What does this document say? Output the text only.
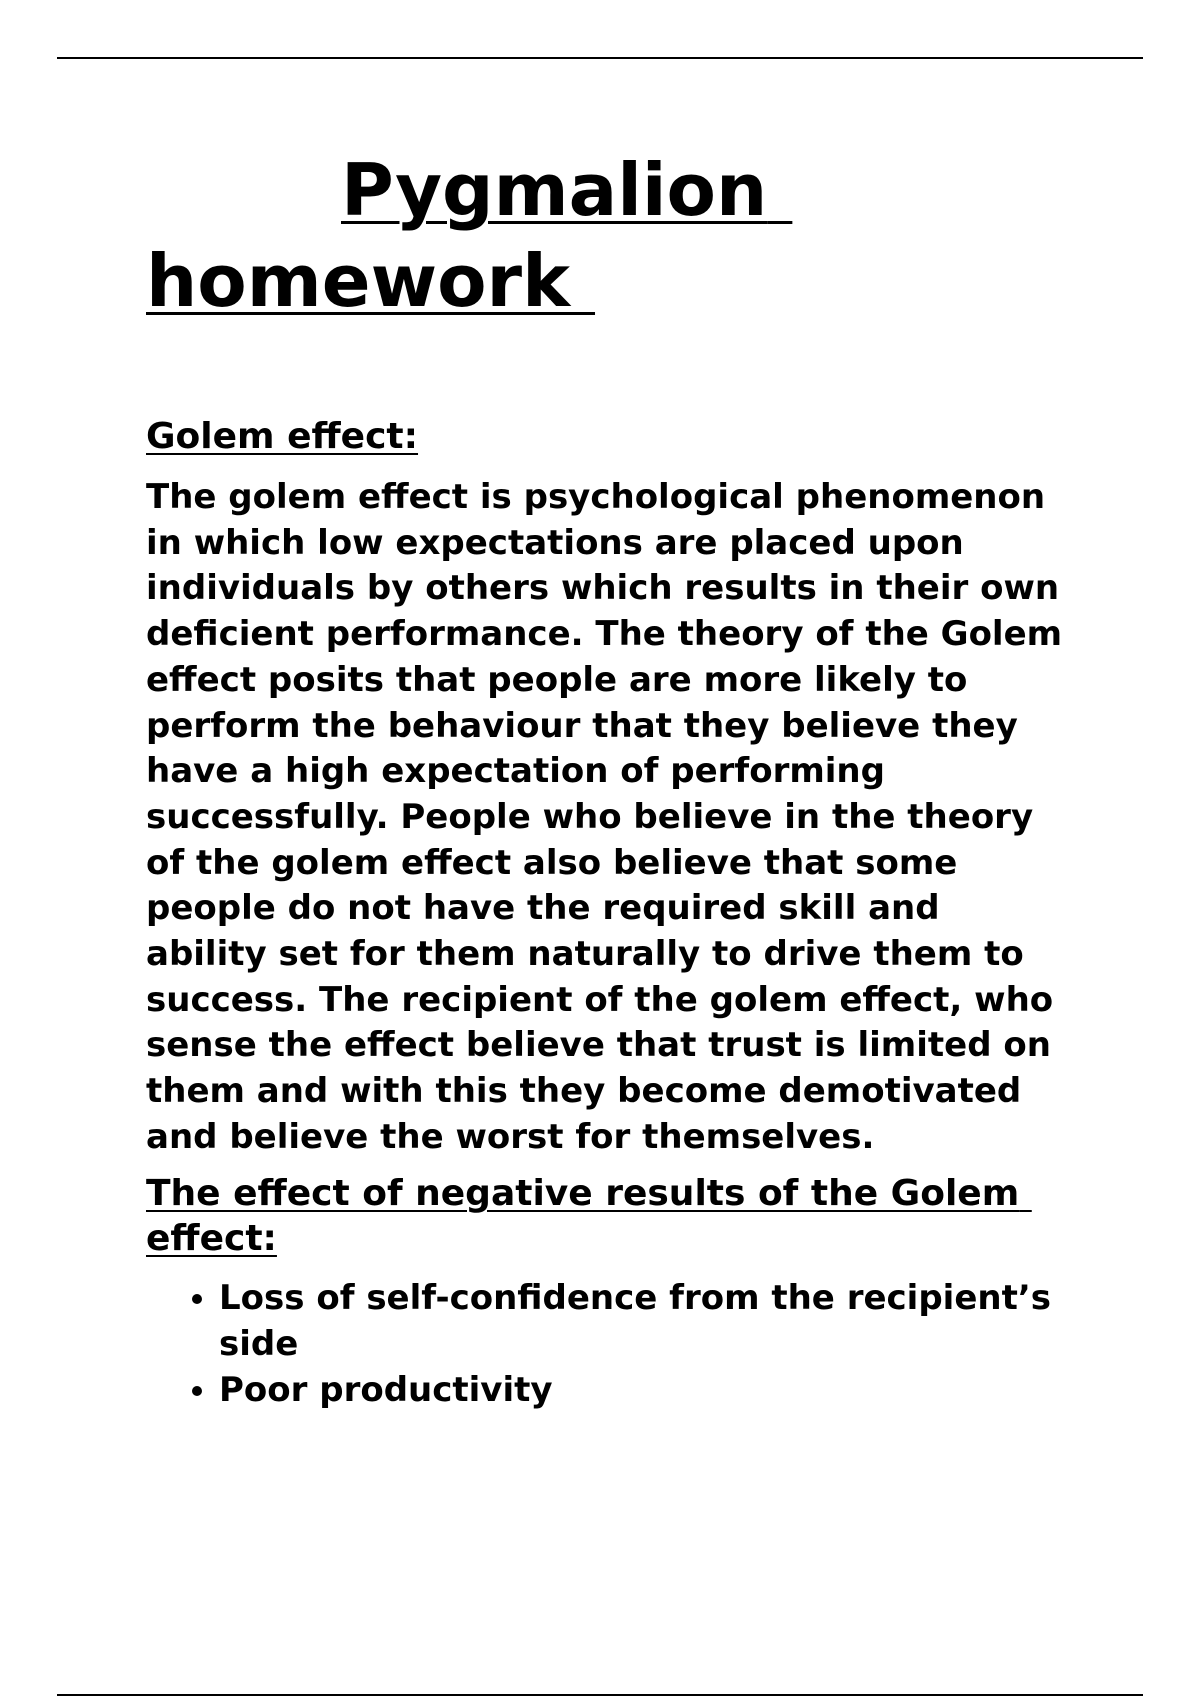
Pygmalion homework
Golem effect:

The golem effect is psychological phenomenon in which low expectations are placed upon individuals by others which results in their own deficient performance. The theory of the Golem effect posits that people are more likely to perform the behaviour that they believe they have a high expectation of performing successfully. People who believe in the theory of the golem effect also believe that some people do not have the required skill and ability set for them naturally to drive them to success. The recipient of the golem effect, who sense the effect believe that trust is limited on them and with this they become demotivated and believe the worst for themselves.

The effect of negative results of the Golem effect:
• Loss of self-confidence from the recipient’s side
• Poor productivity
